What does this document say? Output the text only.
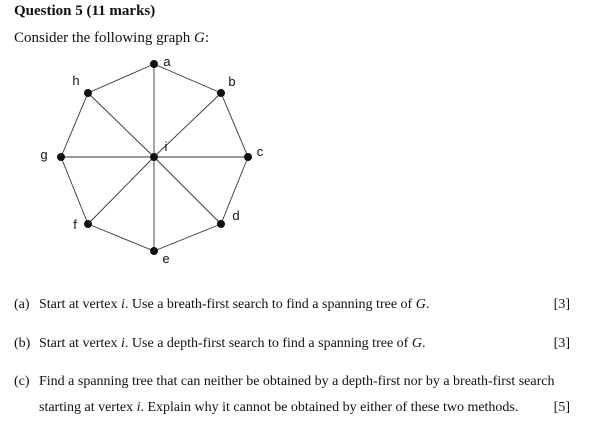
Question 5 (11 marks)
Consider the following graph G:
a
b
c
d
e
f
g
h
i
(a) Start at vertex i. Use a breath-first search to find a spanning tree of G.	[3]
(b) Start at vertex i. Use a depth-first search to find a spanning tree of G.	[3]
(c) Find a spanning tree that can neither be obtained by a depth-first nor by a breath-first search
starting at vertex i. Explain why it cannot be obtained by either of these two methods.	[5]
